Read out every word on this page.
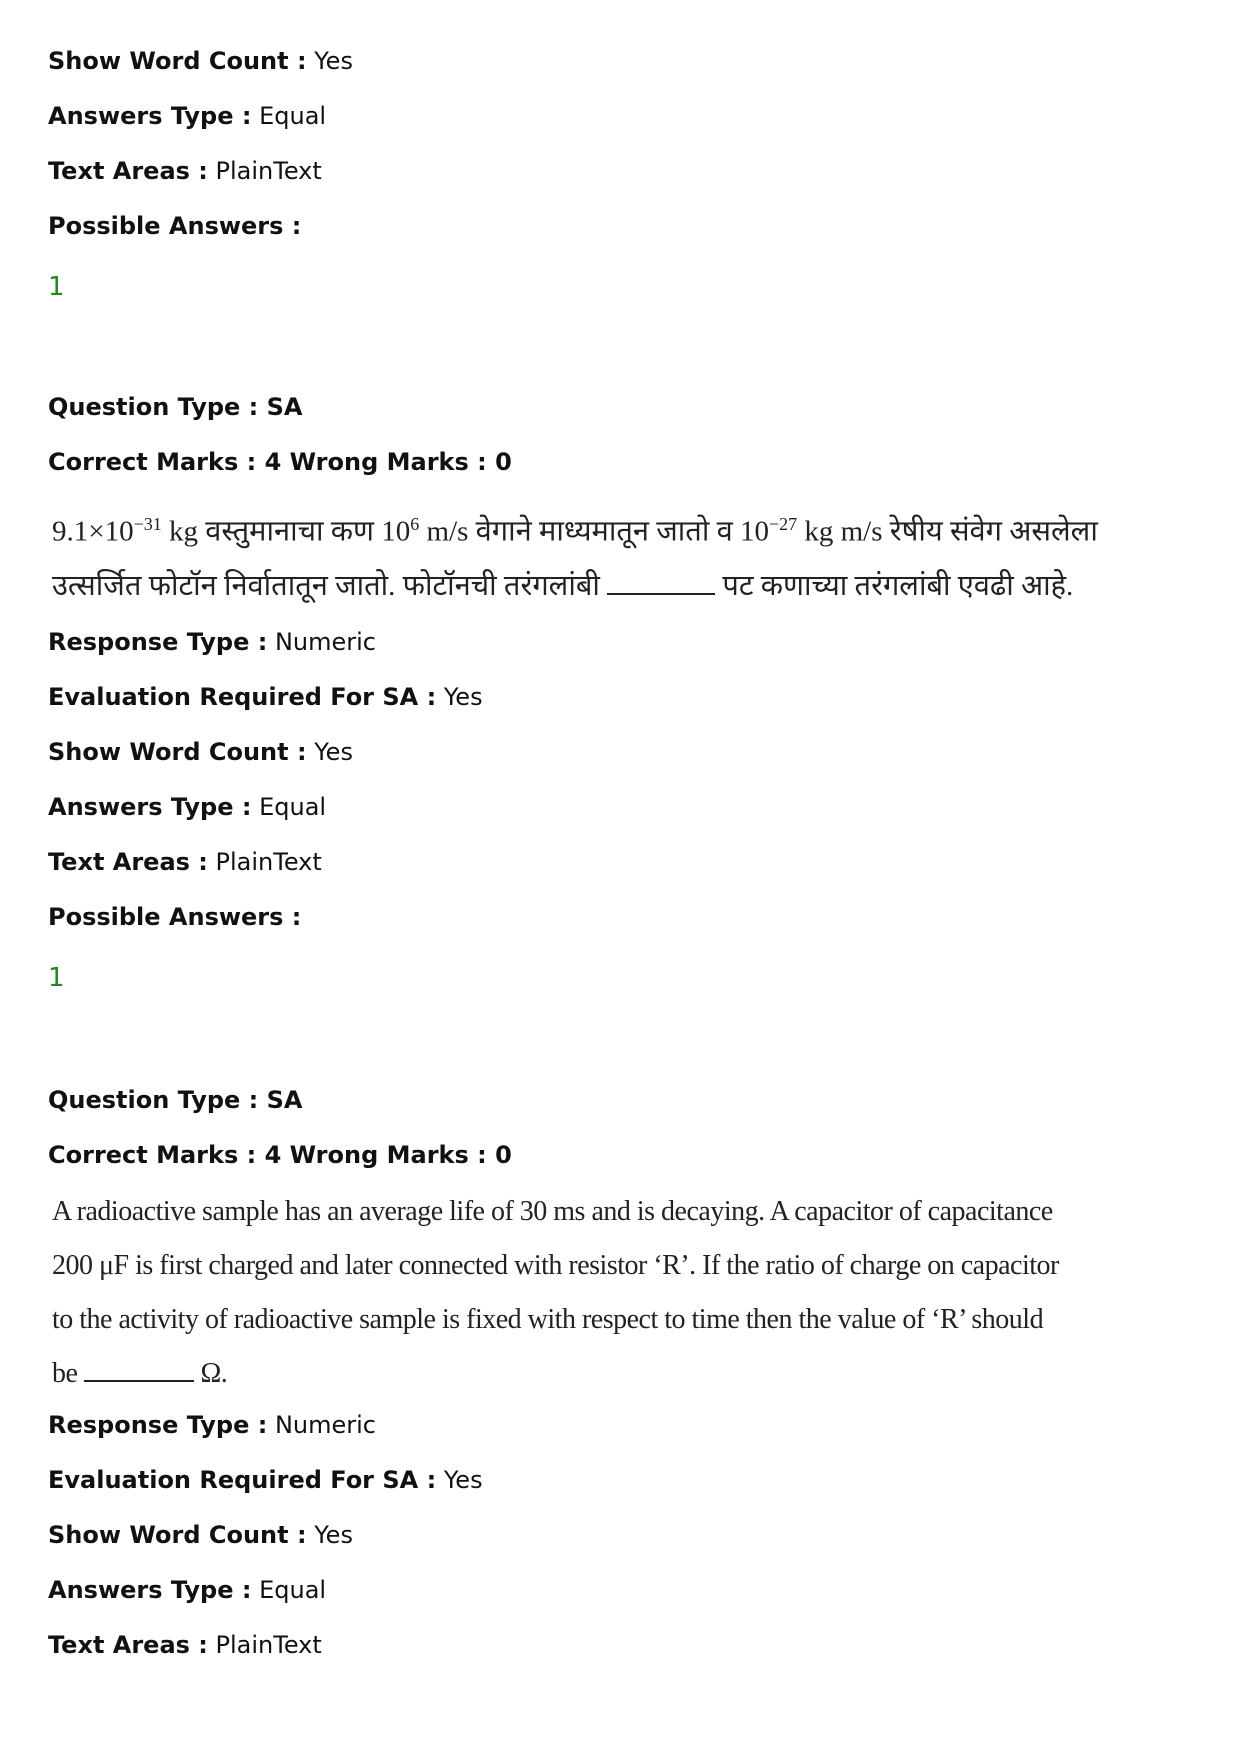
Show Word Count : Yes
Answers Type : Equal
Text Areas : PlainText
Possible Answers :
1
Question Type : SA
Correct Marks : 4 Wrong Marks : 0

$9.1\times 10^{-31}$ kg वस्तुमानाचा कण $10^6$ m/s वेगाने माध्यमातून जातो व $10^{-27}$ kg m/s रेषीय संवेग असलेला

उत्सर्जित फोटॉन निर्वातातून जातो. फोटॉनची तरंगलांबी	पट कणाच्या तरंगलांबी एवढी आहे.

Response Type : Numeric
Evaluation Required For SA : Yes
Show Word Count : Yes
Answers Type : Equal
Text Areas : PlainText
Possible Answers :
1
Question Type : SA
Correct Marks : 4 Wrong Marks : 0

A radioactive sample has an average life of 30 ms and is decaying. A capacitor of capacitance

200 μF is first charged and later connected with resistor ‘R’. If the ratio of charge on capacitor

to the activity of radioactive sample is fixed with respect to time then the value of ‘R’ should

be	Ω.

Response Type : Numeric
Evaluation Required For SA : Yes
Show Word Count : Yes
Answers Type : Equal
Text Areas : PlainText
